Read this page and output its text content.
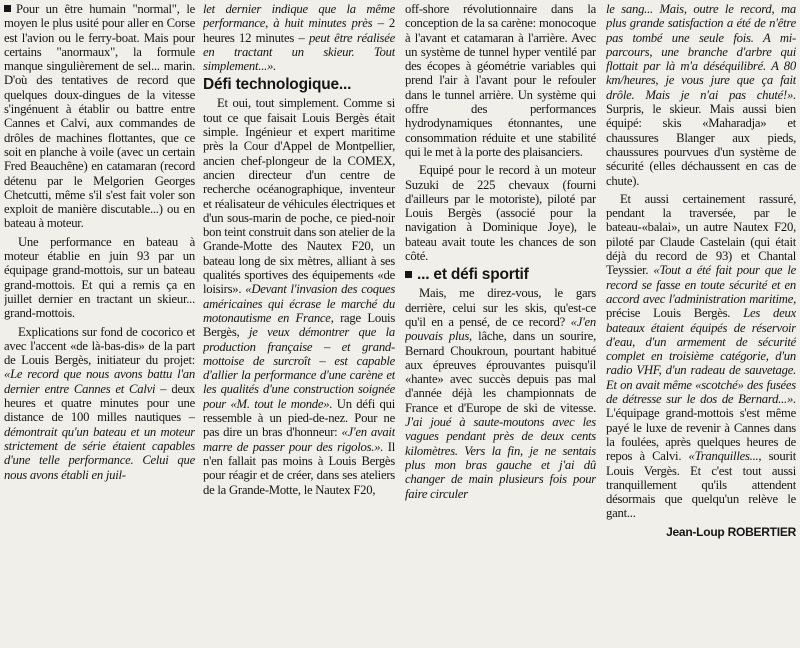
Pour un être humain "normal", le moyen le plus usité pour aller en Corse est l'avion ou le ferry-boat. Mais pour certains "anormaux", la formule manque singulièrement de sel... marin. D'où des tentatives de record que quelques doux-dingues de la vitesse s'ingénuent à établir ou battre entre Cannes et Calvi, aux commandes de drôles de machines flottantes, que ce soit en planche à voile (avec un certain Fred Beauchêne) en catamaran (record détenu par le Melgorien Georges Chetcutti, même s'il s'est fait voler son exploit de manière discutable...) ou en bateau à moteur.

Une performance en bateau à moteur établie en juin 93 par un équipage grand-mottois, sur un bateau grand-mottois. Et qui a remis ça en juillet dernier en tractant un skieur... grand-mottois.

Explications sur fond de cocorico et avec l'accent «de là-bas-dis» de la part de Louis Bergès, initiateur du projet: «Le record que nous avons battu l'an dernier entre Cannes et Calvi – deux heures et quatre minutes pour une distance de 100 milles nautiques – démontrait qu'un bateau et un moteur strictement de série étaient capables d'une telle performance. Celui que nous avons établi en juil-

let dernier indique que la même performance, à huit minutes près – 2 heures 12 minutes – peut être réalisée en tractant un skieur. Tout simplement...».

Défi technologique...

Et oui, tout simplement. Comme si tout ce que faisait Louis Bergès était simple. Ingénieur et expert maritime près la Cour d'Appel de Montpellier, ancien chef-plongeur de la COMEX, ancien directeur d'un centre de recherche océanographique, inventeur et réalisateur de véhicules électriques et d'un sous-marin de poche, ce pied-noir bon teint construit dans son atelier de la Grande-Motte des Nautex F20, un bateau long de six mètres, alliant à ses qualités sportives des équipements «de loisirs». «Devant l'invasion des coques américaines qui écrase le marché du motonautisme en France, rage Louis Bergès, je veux démontrer que la production française – et grand-mottoise de surcroît – est capable d'allier la performance d'une carène et les qualités d'une construction soignée pour «M. tout le monde». Un défi qui ressemble à un pied-de-nez. Pour ne pas dire un bras d'honneur: «J'en avait marre de passer pour des rigolos.». Il n'en fallait pas moins à Louis Bergès pour réagir et de créer, dans ses ateliers de la Grande-Motte, le Nautex F20,

off-shore révolutionnaire dans la conception de la sa carène: monocoque à l'avant et catamaran à l'arrière. Avec un système de tunnel hyper ventilé par des écopes à géométrie variables qui prend l'air à l'avant pour le refouler dans le tunnel arrière. Un système qui offre des performances hydrodynamiques étonnantes, une consommation réduite et une stabilité qui le met à la porte des plaisanciers.

Equipé pour le record à un moteur Suzuki de 225 chevaux (fourni d'ailleurs par le motoriste), piloté par Louis Bergès (associé pour la navigation à Dominique Joye), le bateau avait toute les chances de son côté.

... et défi sportif

Mais, me direz-vous, le gars derrière, celui sur les skis, qu'est-ce qu'il en a pensé, de ce record? «J'en pouvais plus, lâche, dans un sourire, Bernard Choukroun, pourtant habitué aux épreuves éprouvantes puisqu'il «hante» avec succès depuis pas mal d'année déjà les championnats de France et d'Europe de ski de vitesse. J'ai joué à saute-moutons avec les vagues pendant près de deux cents kilomètres. Vers la fin, je ne sentais plus mon bras gauche et j'ai dû changer de main plusieurs fois pour faire circuler

le sang... Mais, outre le record, ma plus grande satisfaction a été de n'être pas tombé une seule fois. A mi-parcours, une branche d'arbre qui flottait par là m'a déséquilibré. A 80 km/heures, je vous jure que ça fait drôle. Mais je n'ai pas chuté!». Surpris, le skieur. Mais aussi bien équipé: skis «Maharadja» et chaussures Blanger aux pieds, chaussures pourvues d'un système de sécurité (elles déchaussent en cas de chute).

Et aussi certainement rassuré, pendant la traversée, par le bateau-«balai», un autre Nautex F20, piloté par Claude Castelain (qui était déjà du record de 93) et Chantal Teyssier. «Tout a été fait pour que le record se fasse en toute sécurité et en accord avec l'administration maritime, précise Louis Bergès. Les deux bateaux étaient équipés de réservoir d'eau, d'un armement de sécurité complet en troisième catégorie, d'un radio VHF, d'un radeau de sauvetage. Et on avait même «scotché» des fusées de détresse sur le dos de Bernard...». L'équipage grand-mottois s'est même payé le luxe de revenir à Cannes dans la foulées, après quelques heures de repos à Calvi. «Tranquilles..., sourit Louis Vergès. Et c'est tout aussi tranquillement qu'ils attendent désormais que quelqu'un relève le gant...

Jean-Loup ROBERTIER
